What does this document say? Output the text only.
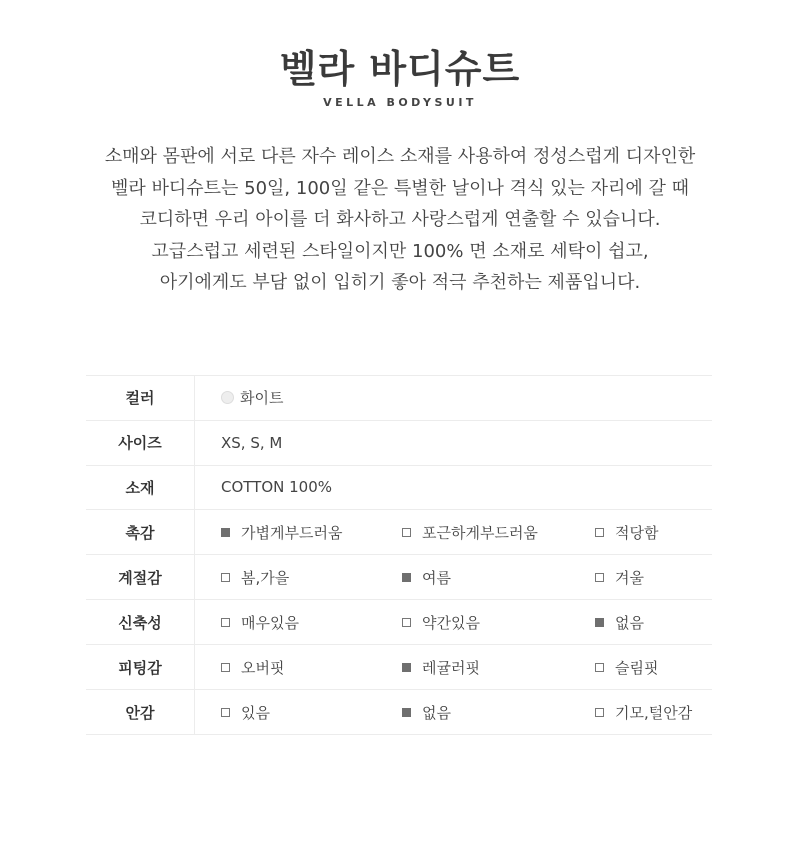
벨라 바디슈트
VELLA BODYSUIT

소매와 몸판에 서로 다른 자수 레이스 소재를 사용하여 정성스럽게 디자인한
벨라 바디슈트는 50일, 100일 같은 특별한 날이나 격식 있는 자리에 갈 때
코디하면 우리 아이를 더 화사하고 사랑스럽게 연출할 수 있습니다.
고급스럽고 세련된 스타일이지만 100% 면 소재로 세탁이 쉽고,
아기에게도 부담 없이 입히기 좋아 적극 추천하는 제품입니다.

컬러	화이트

사이즈	XS, S, M
소재	COTTON 100%
촉감	가볍게부드러움 포근하게부드러움 적당함

계절감	봄,가을 여름 겨울

신축성	매우있음 약간있음 없음

피팅감	오버핏 레귤러핏 슬림핏

안감	있음 없음 기모,털안감
